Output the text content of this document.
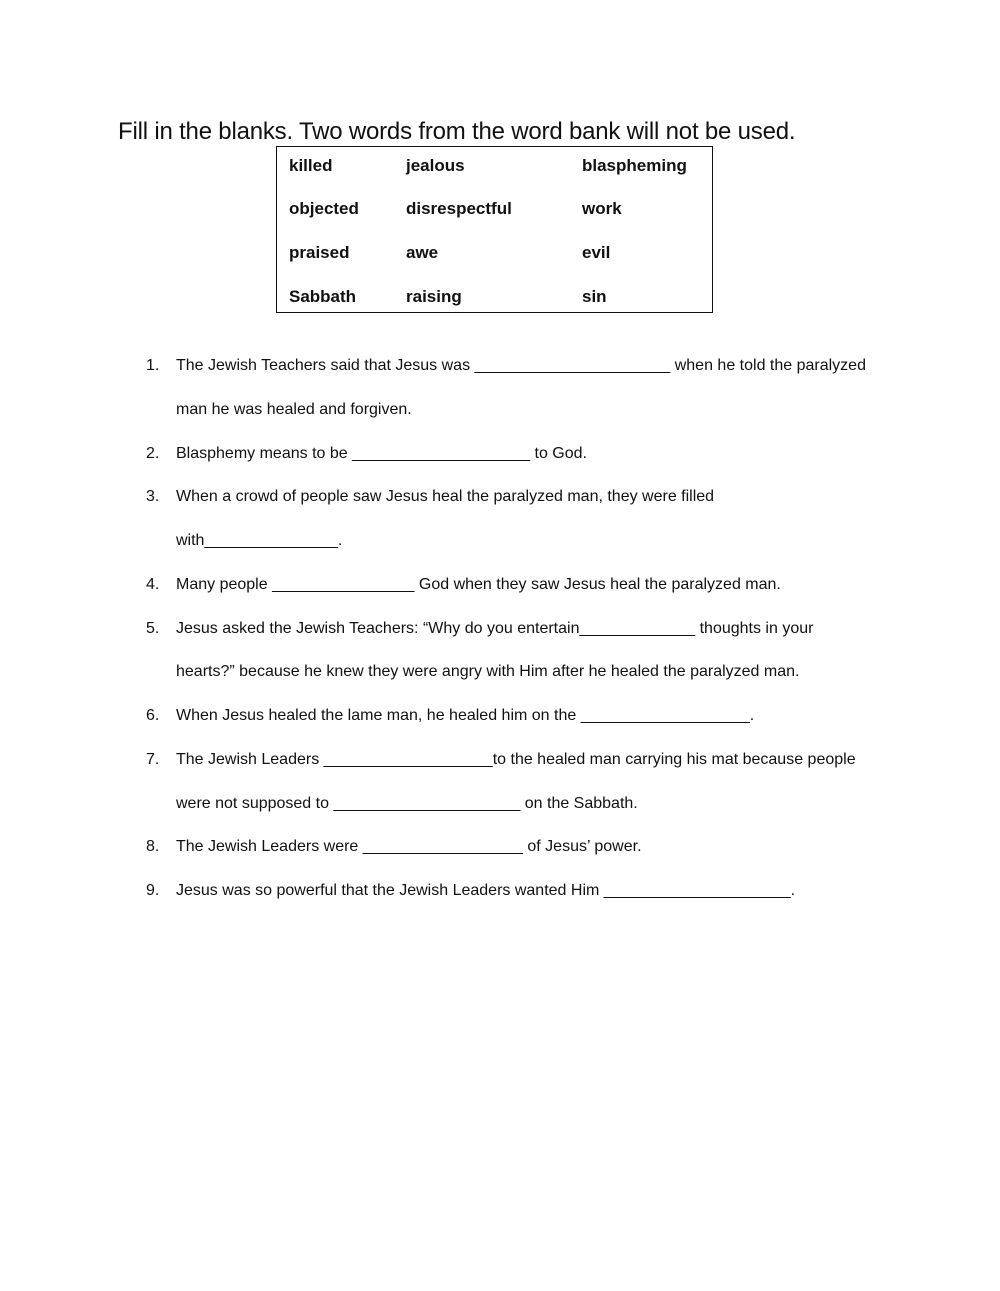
Fill in the blanks. Two words from the word bank will not be used.
killed	jealous	blaspheming
objected	disrespectful	work
praised	awe	evil
Sabbath	raising	sin
1. The Jewish Teachers said that Jesus was ______________________ when he told the paralyzed
man he was healed and forgiven.
2. Blasphemy means to be ____________________ to God.
3. When a crowd of people saw Jesus heal the paralyzed man, they were filled
with_______________.
4. Many people ________________ God when they saw Jesus heal the paralyzed man.
5. Jesus asked the Jewish Teachers: “Why do you entertain_____________ thoughts in your
hearts?” because he knew they were angry with Him after he healed the paralyzed man.
6. When Jesus healed the lame man, he healed him on the ___________________.
7. The Jewish Leaders ___________________to the healed man carrying his mat because people
were not supposed to _____________________ on the Sabbath.
8. The Jewish Leaders were __________________ of Jesus’ power.
9. Jesus was so powerful that the Jewish Leaders wanted Him _____________________.
